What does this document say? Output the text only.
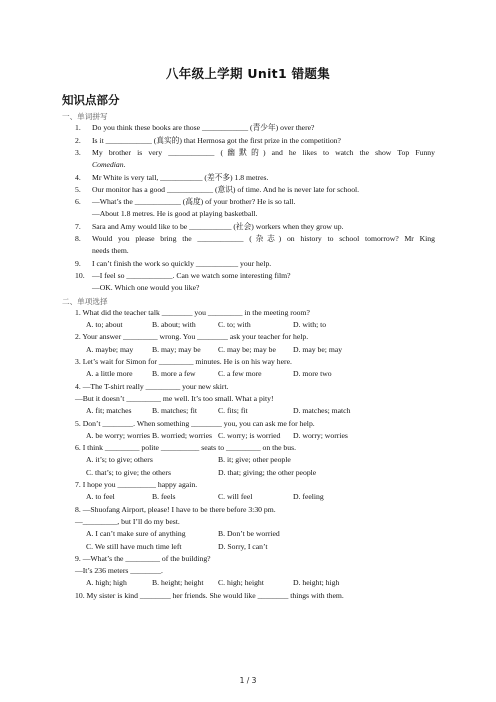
八年级上学期 Unit1 错题集
知识点部分
一、单词拼写
1. Do you think these books are those ____________ (青少年) over there?
2. Is it ____________ (真实的) that Hermosa got the first prize in the competition?
3. My brother is very ____________ (幽默的) and he likes to watch the show Top Funny
Comedian.
4. Mr White is very tall, ___________ (差不多) 1.8 metres.
5. Our monitor has a good ____________ (意识) of time. And he is never late for school.
6. —What’s the ____________ (高度) of your brother? He is so tall.
—About 1.8 metres. He is good at playing basketball.
7. Sara and Amy would like to be ___________ (社会) workers when they grow up.
8. Would you please bring the ____________ (杂志) on history to school tomorrow? Mr King
needs them.
9. I can’t finish the work so quickly ___________ your help.
10. —I feel so ____________. Can we watch some interesting film?
—OK. Which one would you like?
二、单项选择
1. What did the teacher talk ________ you _________ in the meeting room?
A. to; about	B. about; with	C. to; with	D. with; to
2. Your answer _________ wrong. You ________ ask your teacher for help.
A. maybe; may B. may; may be C. may be; may be D. may be; may
3. Let’s wait for Simon for _________ minutes. He is on his way here.
A. a little more	B. more a few	C. a few more	D. more two
4. —The T-shirt really _________ your new skirt.
—But it doesn’t _________ me well. It’s too small. What a pity!
A. fit; matches	B. matches; fit	C. fits; fit	D. matches; match
5. Don’t ________. When something ________ you, you can ask me for help.
A. be worry; worries B. worried; worries C. worry; is worried D. worry; worries
6. I think _________ polite __________ seats to _________ on the bus.
A. it’s; to give; others	B. it; give; other people
C. that’s; to give; the others	D. that; giving; the other people
7. I hope you __________ happy again.
A. to feel	B. feels	C. will feel	D. feeling
8. —Shuofang Airport, please! I have to be there before 3:30 pm.
—_________, but I’ll do my best.
A. I can’t make sure of anything	B. Don’t be worried
C. We still have much time left	D. Sorry, I can’t
9. —What’s the _________ of the building?
—It’s 236 meters ________.
A. high; high	B. height; height C. high; height	D. height; high
10. My sister is kind ________ her friends. She would like ________ things with them.
1 / 3
